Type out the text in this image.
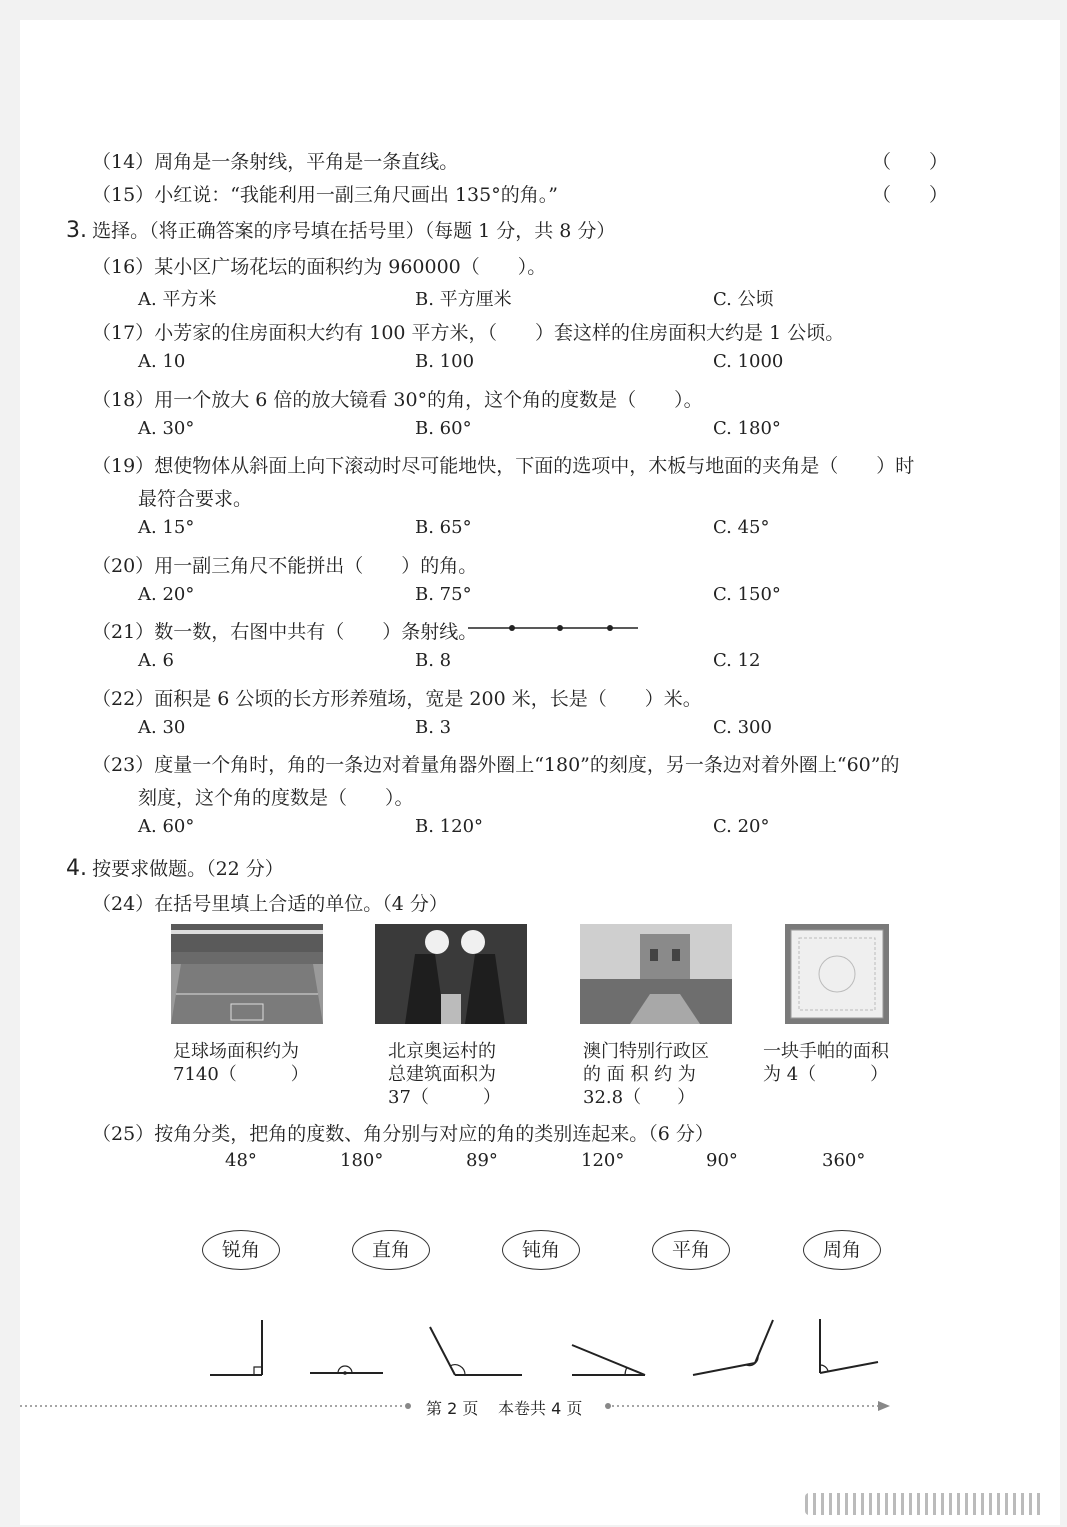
（14）周角是一条射线，平角是一条直线。	（　　）
（15）小红说：“我能利用一副三角尺画出 135°的角。”	（　　）
3. 选择。（将正确答案的序号填在括号里）（每题 1 分，共 8 分）
（16）某小区广场花坛的面积约为 960000（　　）。
A. 平方米	B. 平方厘米	C. 公顷
（17）小芳家的住房面积大约有 100 平方米，（　　）套这样的住房面积大约是 1 公顷。
A. 10	B. 100	C. 1000
（18）用一个放大 6 倍的放大镜看 30°的角，这个角的度数是（　　）。
A. 30°	B. 60°	C. 180°
（19）想使物体从斜面上向下滚动时尽可能地快，下面的选项中，木板与地面的夹角是（　　）时
最符合要求。
A. 15°	B. 65°	C. 45°
（20）用一副三角尺不能拼出（　　）的角。
A. 20°	B. 75°	C. 150°
（21）数一数，右图中共有（　　）条射线。
A. 6	B. 8	C. 12
（22）面积是 6 公顷的长方形养殖场，宽是 200 米，长是（　　）米。
A. 30	B. 3	C. 300
（23）度量一个角时，角的一条边对着量角器外圈上“180”的刻度，另一条边对着外圈上“60”的
刻度，这个角的度数是（　　）。
A. 60°	B. 120°	C. 20°
4. 按要求做题。（22 分）
（24）在括号里填上合适的单位。（4 分）
足球场面积约为
7140（　　　）
北京奥运村的
总建筑面积为
37（　　　）
澳门特别行政区
的 面 积 约 为
32.8（　　）
一块手帕的面积
为 4（　　　）
（25）按角分类，把角的度数、角分别与对应的角的类别连起来。（6 分）
48°	180°	89°	120°	90°	360°
锐角	直角	钝角	平角	周角
第 2 页 本卷共 4 页
